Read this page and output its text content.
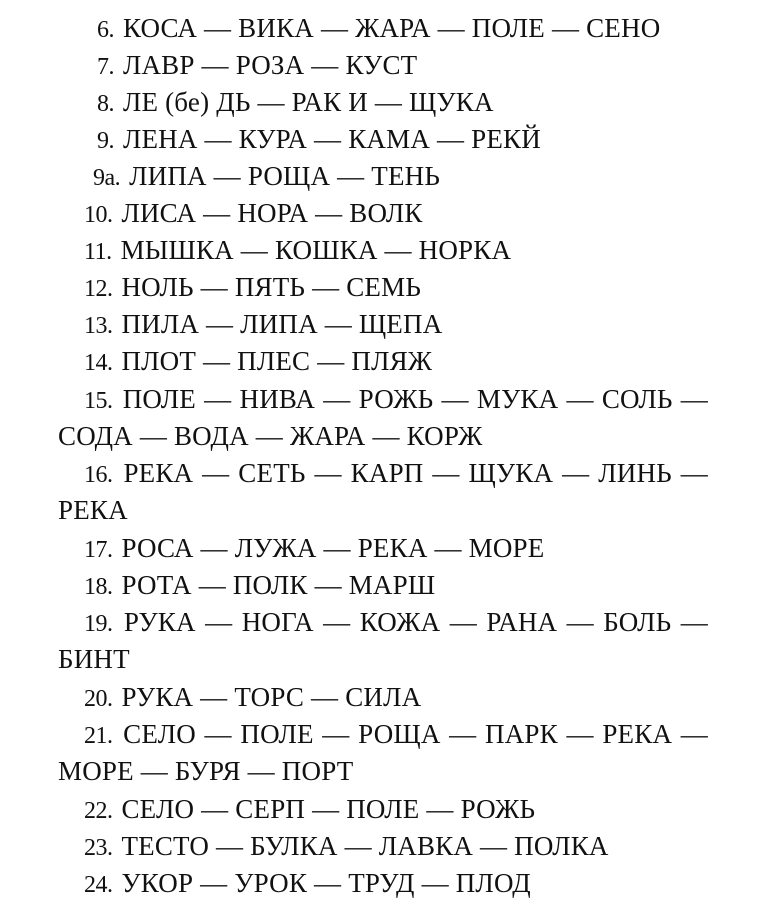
6. КОСА — ВИКА — ЖАРА — ПОЛЕ — СЕНО
7. ЛАВР — РОЗА — КУСТ
8. ЛЕ (бе) ДЬ — РАК И — ЩУКА
9. ЛЕНА — КУРА — КАМА — РЕКЙ
9а. ЛИПА — РОЩА — ТЕНЬ
10. ЛИСА — НОРА — ВОЛК
11. МЫШКА — КОШКА — НОРКА
12. НОЛЬ — ПЯТЬ — СЕМЬ
13. ПИЛА — ЛИПА — ЩЕПА
14. ПЛОТ — ПЛЕС — ПЛЯЖ
15. ПОЛЕ — НИВА — РОЖЬ — МУКА — СОЛЬ —
СОДА — ВОДА — ЖАРА — КОРЖ
16. РЕКА — СЕТЬ — КАРП — ЩУКА — ЛИНЬ —
РЕКА
17. РОСА — ЛУЖА — РЕКА — МОРЕ
18. РОТА — ПОЛК — МАРШ
19. РУКА — НОГА — КОЖА — РАНА — БОЛЬ —
БИНТ
20. РУКА — ТОРС — СИЛА
21. СЕЛО — ПОЛЕ — РОЩА — ПАРК — РЕКА —
МОРЕ — БУРЯ — ПОРТ
22. СЕЛО — СЕРП — ПОЛЕ — РОЖЬ
23. ТЕСТО — БУЛКА — ЛАВКА — ПОЛКА
24. УКОР — УРОК — ТРУД — ПЛОД
